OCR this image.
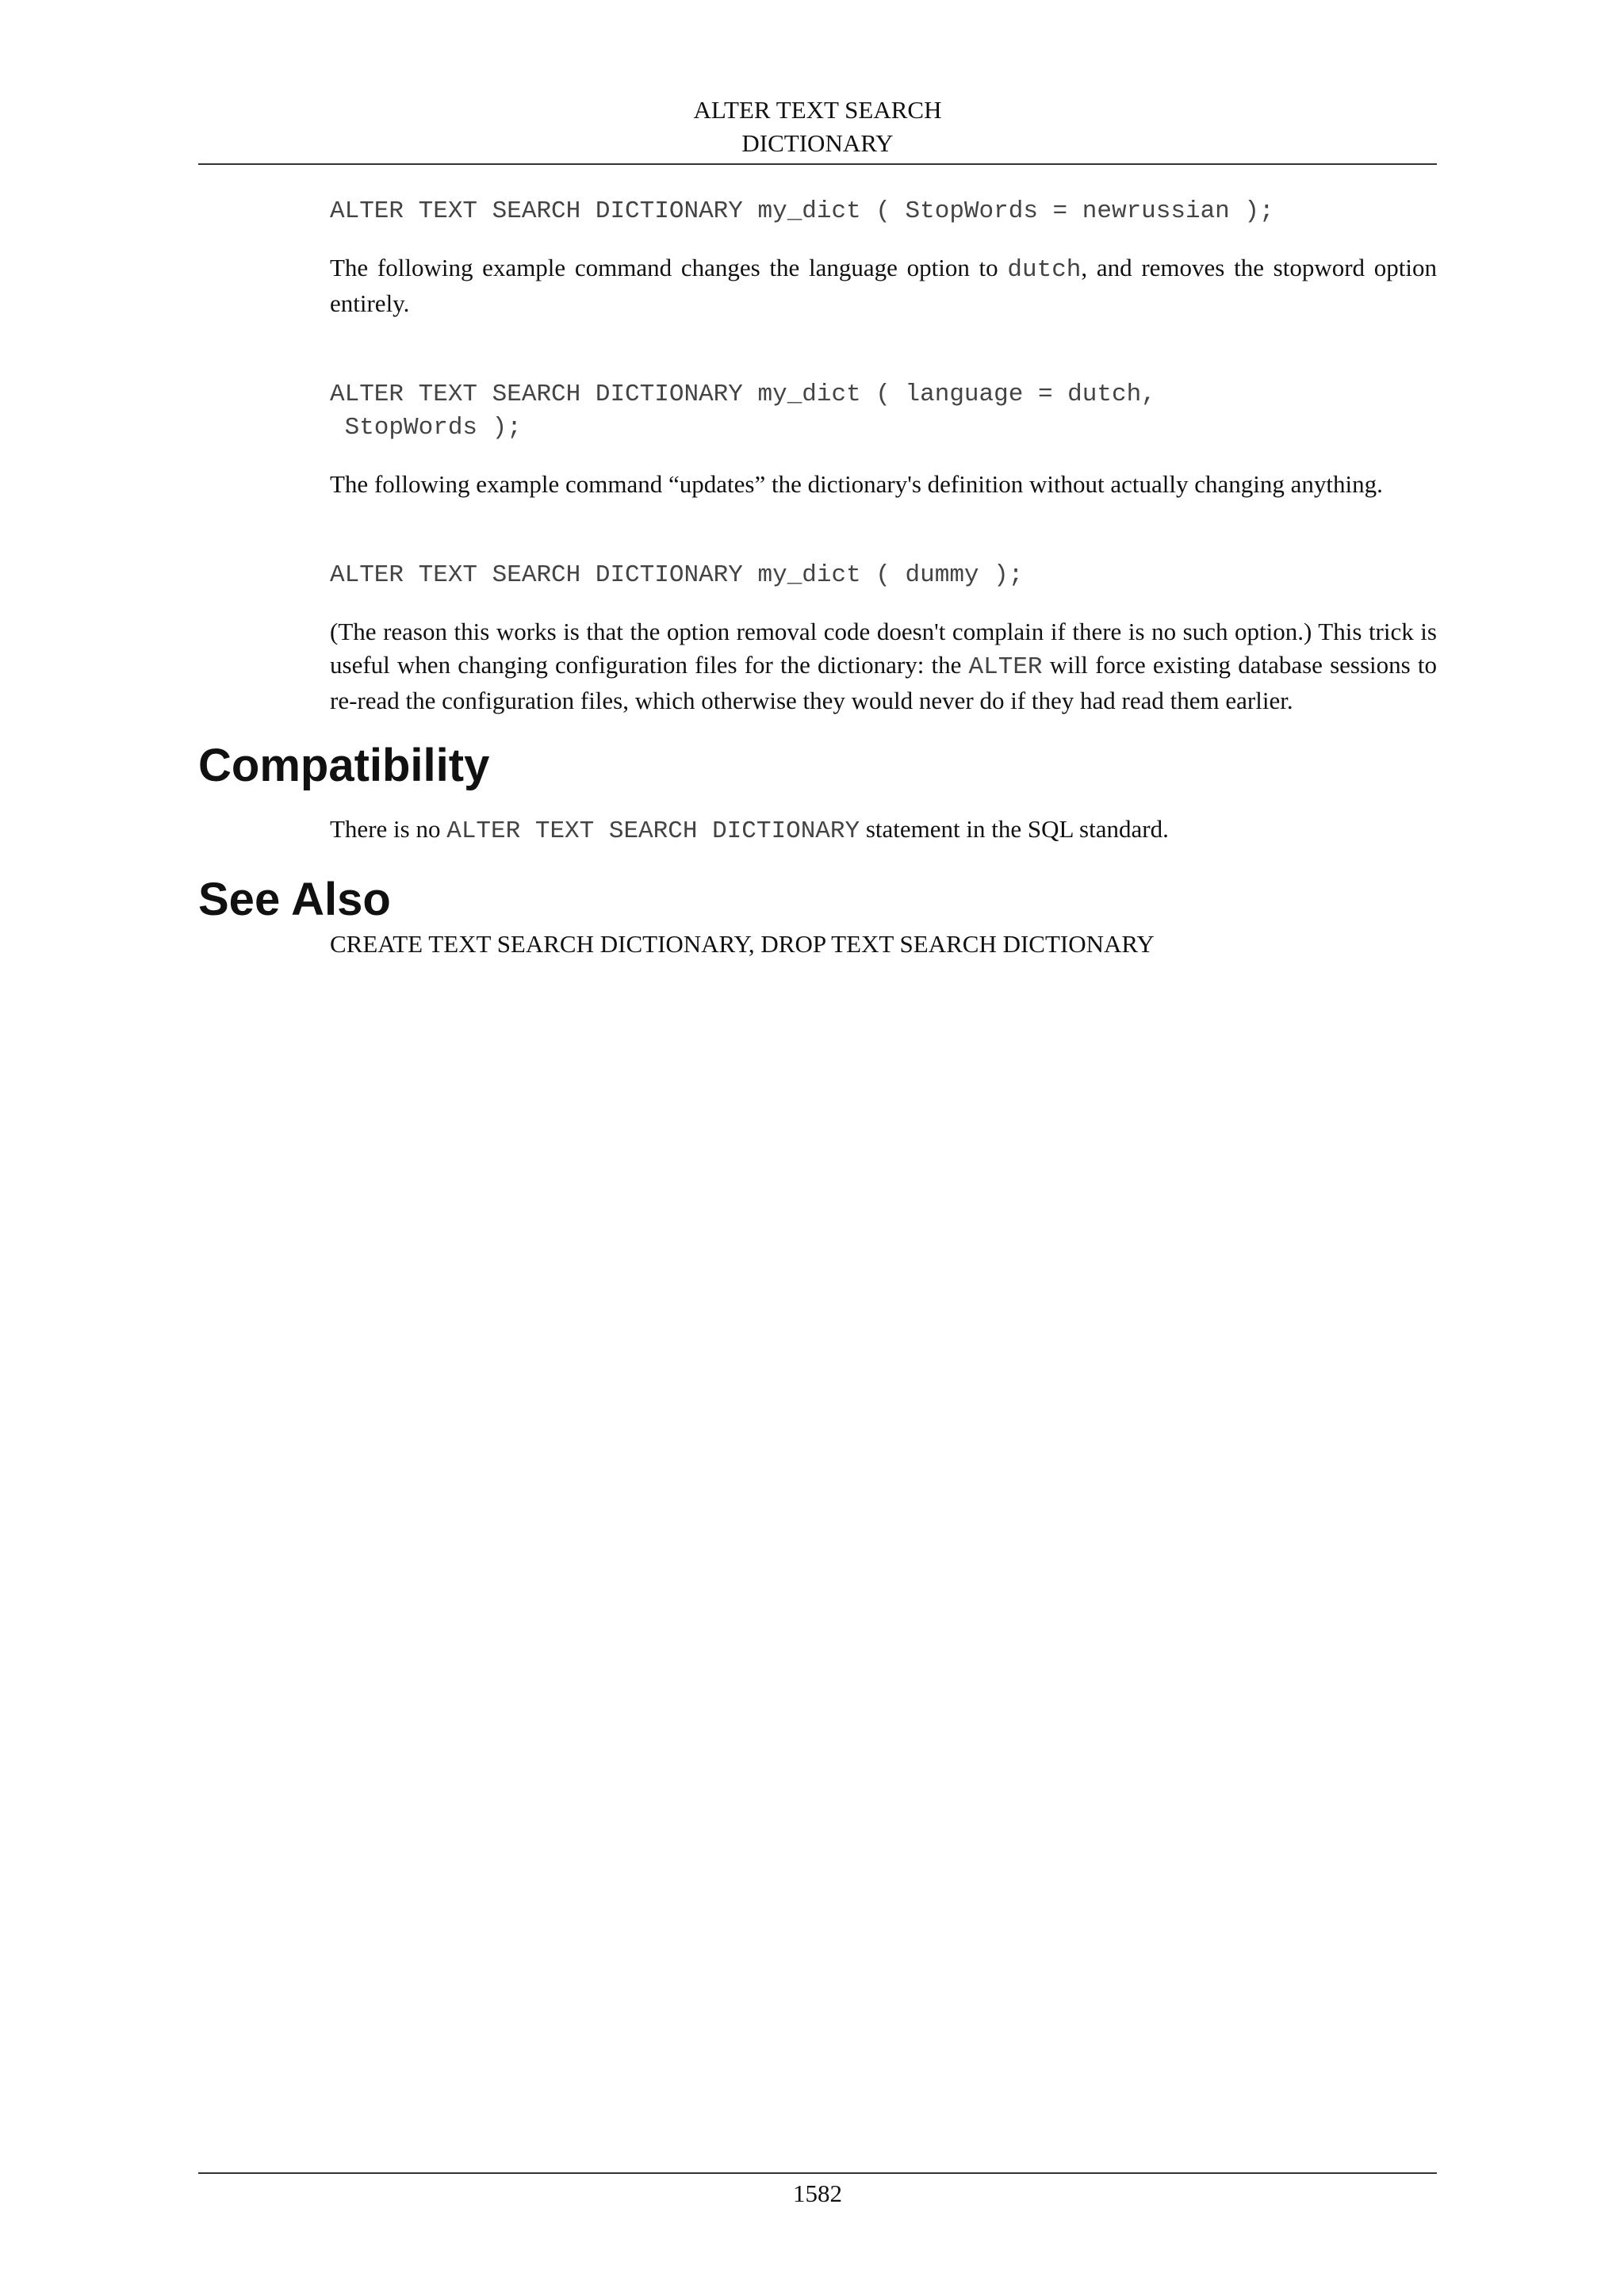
ALTER TEXT SEARCH
DICTIONARY
ALTER TEXT SEARCH DICTIONARY my_dict ( StopWords = newrussian );

The following example command changes the language option to dutch, and removes the stopword option entirely.

ALTER TEXT SEARCH DICTIONARY my_dict ( language = dutch,
StopWords );

The following example command “updates” the dictionary's definition without actually changing anything.

ALTER TEXT SEARCH DICTIONARY my_dict ( dummy );

(The reason this works is that the option removal code doesn't complain if there is no such option.) This trick is useful when changing configuration files for the dictionary: the ALTER will force existing database sessions to re-read the configuration files, which otherwise they would never do if they had read them earlier.

Compatibility

There is no ALTER TEXT SEARCH DICTIONARY statement in the SQL standard.

See Also

CREATE TEXT SEARCH DICTIONARY, DROP TEXT SEARCH DICTIONARY

1582
